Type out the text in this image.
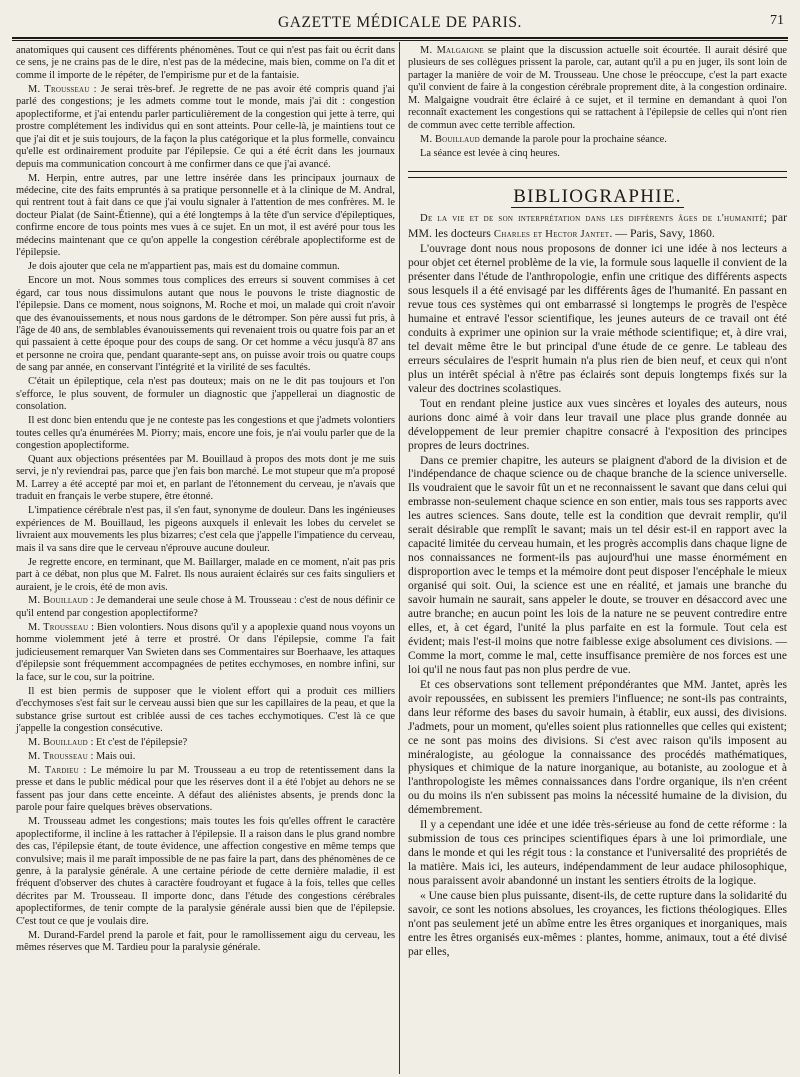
GAZETTE MÉDICALE DE PARIS.	71

anatomiques qui causent ces différents phénomènes. Tout ce qui n'est pas fait ou écrit dans ce sens, je ne crains pas de le dire, n'est pas de la médecine, mais bien, comme on l'a dit et comme il importe de le répéter, de l'empirisme pur et de la fantaisie.

M. Trousseau : Je serai très-bref. Je regrette de ne pas avoir été compris quand j'ai parlé des congestions; je les admets comme tout le monde, mais j'ai dit : congestion apoplectiforme, et j'ai entendu parler particulièrement de la congestion qui jette à terre, qui prostre complétement les individus qui en sont atteints. Pour celle-là, je maintiens tout ce que j'ai dit et je suis toujours, de la façon la plus catégorique et la plus formelle, convaincu qu'elle est ordinairement produite par l'épilepsie. Ce qui a été écrit dans les journaux depuis ma communication concourt à me confirmer dans ce que j'ai avancé.

M. Herpin, entre autres, par une lettre insérée dans les principaux journaux de médecine, cite des faits empruntés à sa pratique personnelle et à la clinique de M. Andral, qui rentrent tout à fait dans ce que j'ai voulu signaler à l'attention de mes confrères. M. le docteur Pialat (de Saint-Étienne), qui a été longtemps à la tête d'un service d'épileptiques, confirme encore de tous points mes vues à ce sujet. En un mot, il est avéré pour tous les médecins maintenant que ce qu'on appelle la congestion cérébrale apoplectiforme est de l'épilepsie.

Je dois ajouter que cela ne m'appartient pas, mais est du domaine commun.

Encore un mot. Nous sommes tous complices des erreurs si souvent commises à cet égard, car tous nous dissimulons autant que nous le pouvons le triste diagnostic de l'épilepsie. Dans ce moment, nous soignons, M. Roche et moi, un malade qui croit n'avoir que des évanouissements, et nous nous gardons de le détromper. Son père aussi fut pris, à l'âge de 40 ans, de semblables évanouissements qui revenaient trois ou quatre fois par an et qui passaient à cette époque pour des coups de sang. Or cet homme a vécu jusqu'à 87 ans et personne ne croira que, pendant quarante-sept ans, on puisse avoir trois ou quatre coups de sang par année, en conservant l'intégrité et la virilité de ses facultés.

C'était un épileptique, cela n'est pas douteux; mais on ne le dit pas toujours et l'on s'efforce, le plus souvent, de formuler un diagnostic que j'appellerai un diagnostic de consolation.

Il est donc bien entendu que je ne conteste pas les congestions et que j'admets volontiers toutes celles qu'a énumérées M. Piorry; mais, encore une fois, je n'ai voulu parler que de la congestion apoplectiforme.

Quant aux objections présentées par M. Bouillaud à propos des mots dont je me suis servi, je n'y reviendrai pas, parce que j'en fais bon marché. Le mot stupeur que m'a proposé M. Larrey a été accepté par moi et, en parlant de l'étonnement du cerveau, je n'avais que traduit en français le verbe stupere, être étonné.

L'impatience cérébrale n'est pas, il s'en faut, synonyme de douleur. Dans les ingénieuses expériences de M. Bouillaud, les pigeons auxquels il enlevait les lobes du cervelet se livraient aux mouvements les plus bizarres; c'est cela que j'appelle l'impatience du cerveau, mais il va sans dire que le cerveau n'éprouve aucune douleur.

Je regrette encore, en terminant, que M. Baillarger, malade en ce moment, n'ait pas pris part à ce débat, non plus que M. Falret. Ils nous auraient éclairés sur ces faits singuliers et auraient, je le crois, été de mon avis.

M. Bouillaud : Je demanderai une seule chose à M. Trousseau : c'est de nous définir ce qu'il entend par congestion apoplectiforme?

M. Trousseau : Bien volontiers. Nous disons qu'il y a apoplexie quand nous voyons un homme violemment jeté à terre et prostré. Or dans l'épilepsie, comme l'a fait judicieusement remarquer Van Swieten dans ses Commentaires sur Boerhaave, les attaques d'épilepsie sont fréquemment accompagnées de petites ecchymoses, en nombre infini, sur la face, sur le cou, sur la poitrine.

Il est bien permis de supposer que le violent effort qui a produit ces milliers d'ecchymoses s'est fait sur le cerveau aussi bien que sur les capillaires de la peau, et que la substance grise surtout est criblée aussi de ces taches ecchymotiques. C'est là ce que j'appelle la congestion consécutive.

M. Bouillaud : Et c'est de l'épilepsie?

M. Trousseau : Mais oui.

M. Tardieu : Le mémoire lu par M. Trousseau a eu trop de retentissement dans la presse et dans le public médical pour que les réserves dont il a été l'objet au dehors ne se fassent pas jour dans cette enceinte. A défaut des aliénistes absents, je prends donc la parole pour faire quelques brèves observations.

M. Trousseau admet les congestions; mais toutes les fois qu'elles offrent le caractère apoplectiforme, il incline à les rattacher à l'épilepsie. Il a raison dans le plus grand nombre des cas, l'épilepsie étant, de toute évidence, une affection congestive en même temps que convulsive; mais il me paraît impossible de ne pas faire la part, dans des phénomènes de ce genre, à la paralysie générale. A une certaine période de cette dernière maladie, il est fréquent d'observer des chutes à caractère foudroyant et fugace à la fois, telles que celles décrites par M. Trousseau. Il importe donc, dans l'étude des congestions cérébrales apoplectiformes, de tenir compte de la paralysie générale aussi bien que de l'épilepsie. C'est tout ce que je voulais dire.

M. Durand-Fardel prend la parole et fait, pour le ramollissement aigu du cerveau, les mêmes réserves que M. Tardieu pour la paralysie générale.

M. Malgaigne se plaint que la discussion actuelle soit écourtée. Il aurait désiré que plusieurs de ses collègues prissent la parole, car, autant qu'il a pu en juger, ils sont loin de partager la manière de voir de M. Trousseau. Une chose le préoccupe, c'est la part exacte qu'il convient de faire à la congestion cérébrale proprement dite, à la congestion ordinaire. M. Malgaigne voudrait être éclairé à ce sujet, et il termine en demandant à quoi l'on reconnaît exactement les congestions qui se rattachent à l'épilepsie de celles qui n'ont rien de commun avec cette terrible affection.

M. Bouillaud demande la parole pour la prochaine séance.

La séance est levée à cinq heures.

BIBLIOGRAPHIE.

De la vie et de son interprétation dans les différents âges de l'humanité; par MM. les docteurs Charles et Hector Jantet. — Paris, Savy, 1860.

L'ouvrage dont nous nous proposons de donner ici une idée à nos lecteurs a pour objet cet éternel problème de la vie, la formule sous laquelle il convient de la présenter dans l'étude de l'anthropologie, enfin une critique des différents aspects sous lesquels il a été envisagé par les différents âges de l'humanité. En passant en revue tous ces systèmes qui ont embarrassé si longtemps le progrès de l'espèce humaine et entravé l'essor scientifique, les jeunes auteurs de ce travail ont été conduits à exprimer une opinion sur la vraie méthode scientifique; et, à dire vrai, tel devait même être le but principal d'une étude de ce genre. Le tableau des erreurs séculaires de l'esprit humain n'a plus rien de bien neuf, et ceux qui n'ont plus un intérêt spécial à n'être pas éclairés sont depuis longtemps fixés sur la valeur des doctrines scolastiques.

Tout en rendant pleine justice aux vues sincères et loyales des auteurs, nous aurions donc aimé à voir dans leur travail une place plus grande donnée au développement de leur premier chapitre consacré à l'exposition des principes propres de leurs doctrines.

Dans ce premier chapitre, les auteurs se plaignent d'abord de la division et de l'indépendance de chaque science ou de chaque branche de la science universelle. Ils voudraient que le savoir fût un et ne reconnaissent le savant que dans celui qui embrasse non-seulement chaque science en son entier, mais tous ses rapports avec les autres sciences. Sans doute, telle est la condition que devrait remplir, qu'il serait désirable que remplît le savant; mais un tel désir est-il en rapport avec la capacité limitée du cerveau humain, et les progrès accomplis dans chaque ligne de nos connaissances ne forment-ils pas aujourd'hui une masse énormément en disproportion avec le temps et la mémoire dont peut disposer l'encéphale le mieux organisé qui soit. Oui, la science est une en réalité, et jamais une branche du savoir humain ne saurait, sans appeler le doute, se trouver en désaccord avec une autre branche; en aucun point les lois de la nature ne se peuvent contredire entre elles, et, à cet égard, l'unité la plus parfaite en est la formule. Tout cela est évident; mais l'est-il moins que notre faiblesse exige absolument ces divisions. — Comme la mort, comme le mal, cette insuffisance première de nos forces est une loi qu'il ne nous faut pas non plus perdre de vue.

Et ces observations sont tellement prépondérantes que MM. Jantet, après les avoir repoussées, en subissent les premiers l'influence; ne sont-ils pas contraints, dans leur réforme des bases du savoir humain, à établir, eux aussi, des divisions. J'admets, pour un moment, qu'elles soient plus rationnelles que celles qui existent; ce ne sont pas moins des divisions. Si c'est avec raison qu'ils imposent au minéralogiste, au géologue la connaissance des procédés mathématiques, physiques et chimique de la nature inorganique, au botaniste, au zoologue et à l'anthropologiste les mêmes connaissances dans l'ordre organique, ils n'en créent ou du moins ils n'en subissent pas moins la nécessité humaine de la division, du démembrement.

Il y a cependant une idée et une idée très-sérieuse au fond de cette réforme : la submission de tous ces principes scientifiques épars à une loi primordiale, une dans le monde et qui les régit tous : la constance et l'universalité des propriétés de la matière. Mais ici, les auteurs, indépendamment de leur audace philosophique, nous paraissent avoir abandonné un instant les sentiers étroits de la logique.

« Une cause bien plus puissante, disent-ils, de cette rupture dans la solidarité du savoir, ce sont les notions absolues, les croyances, les fictions théologiques. Elles n'ont pas seulement jeté un abîme entre les êtres organiques et inorganiques, mais entre les êtres organisés eux-mêmes : plantes, homme, animaux, tout a été divisé par elles,
